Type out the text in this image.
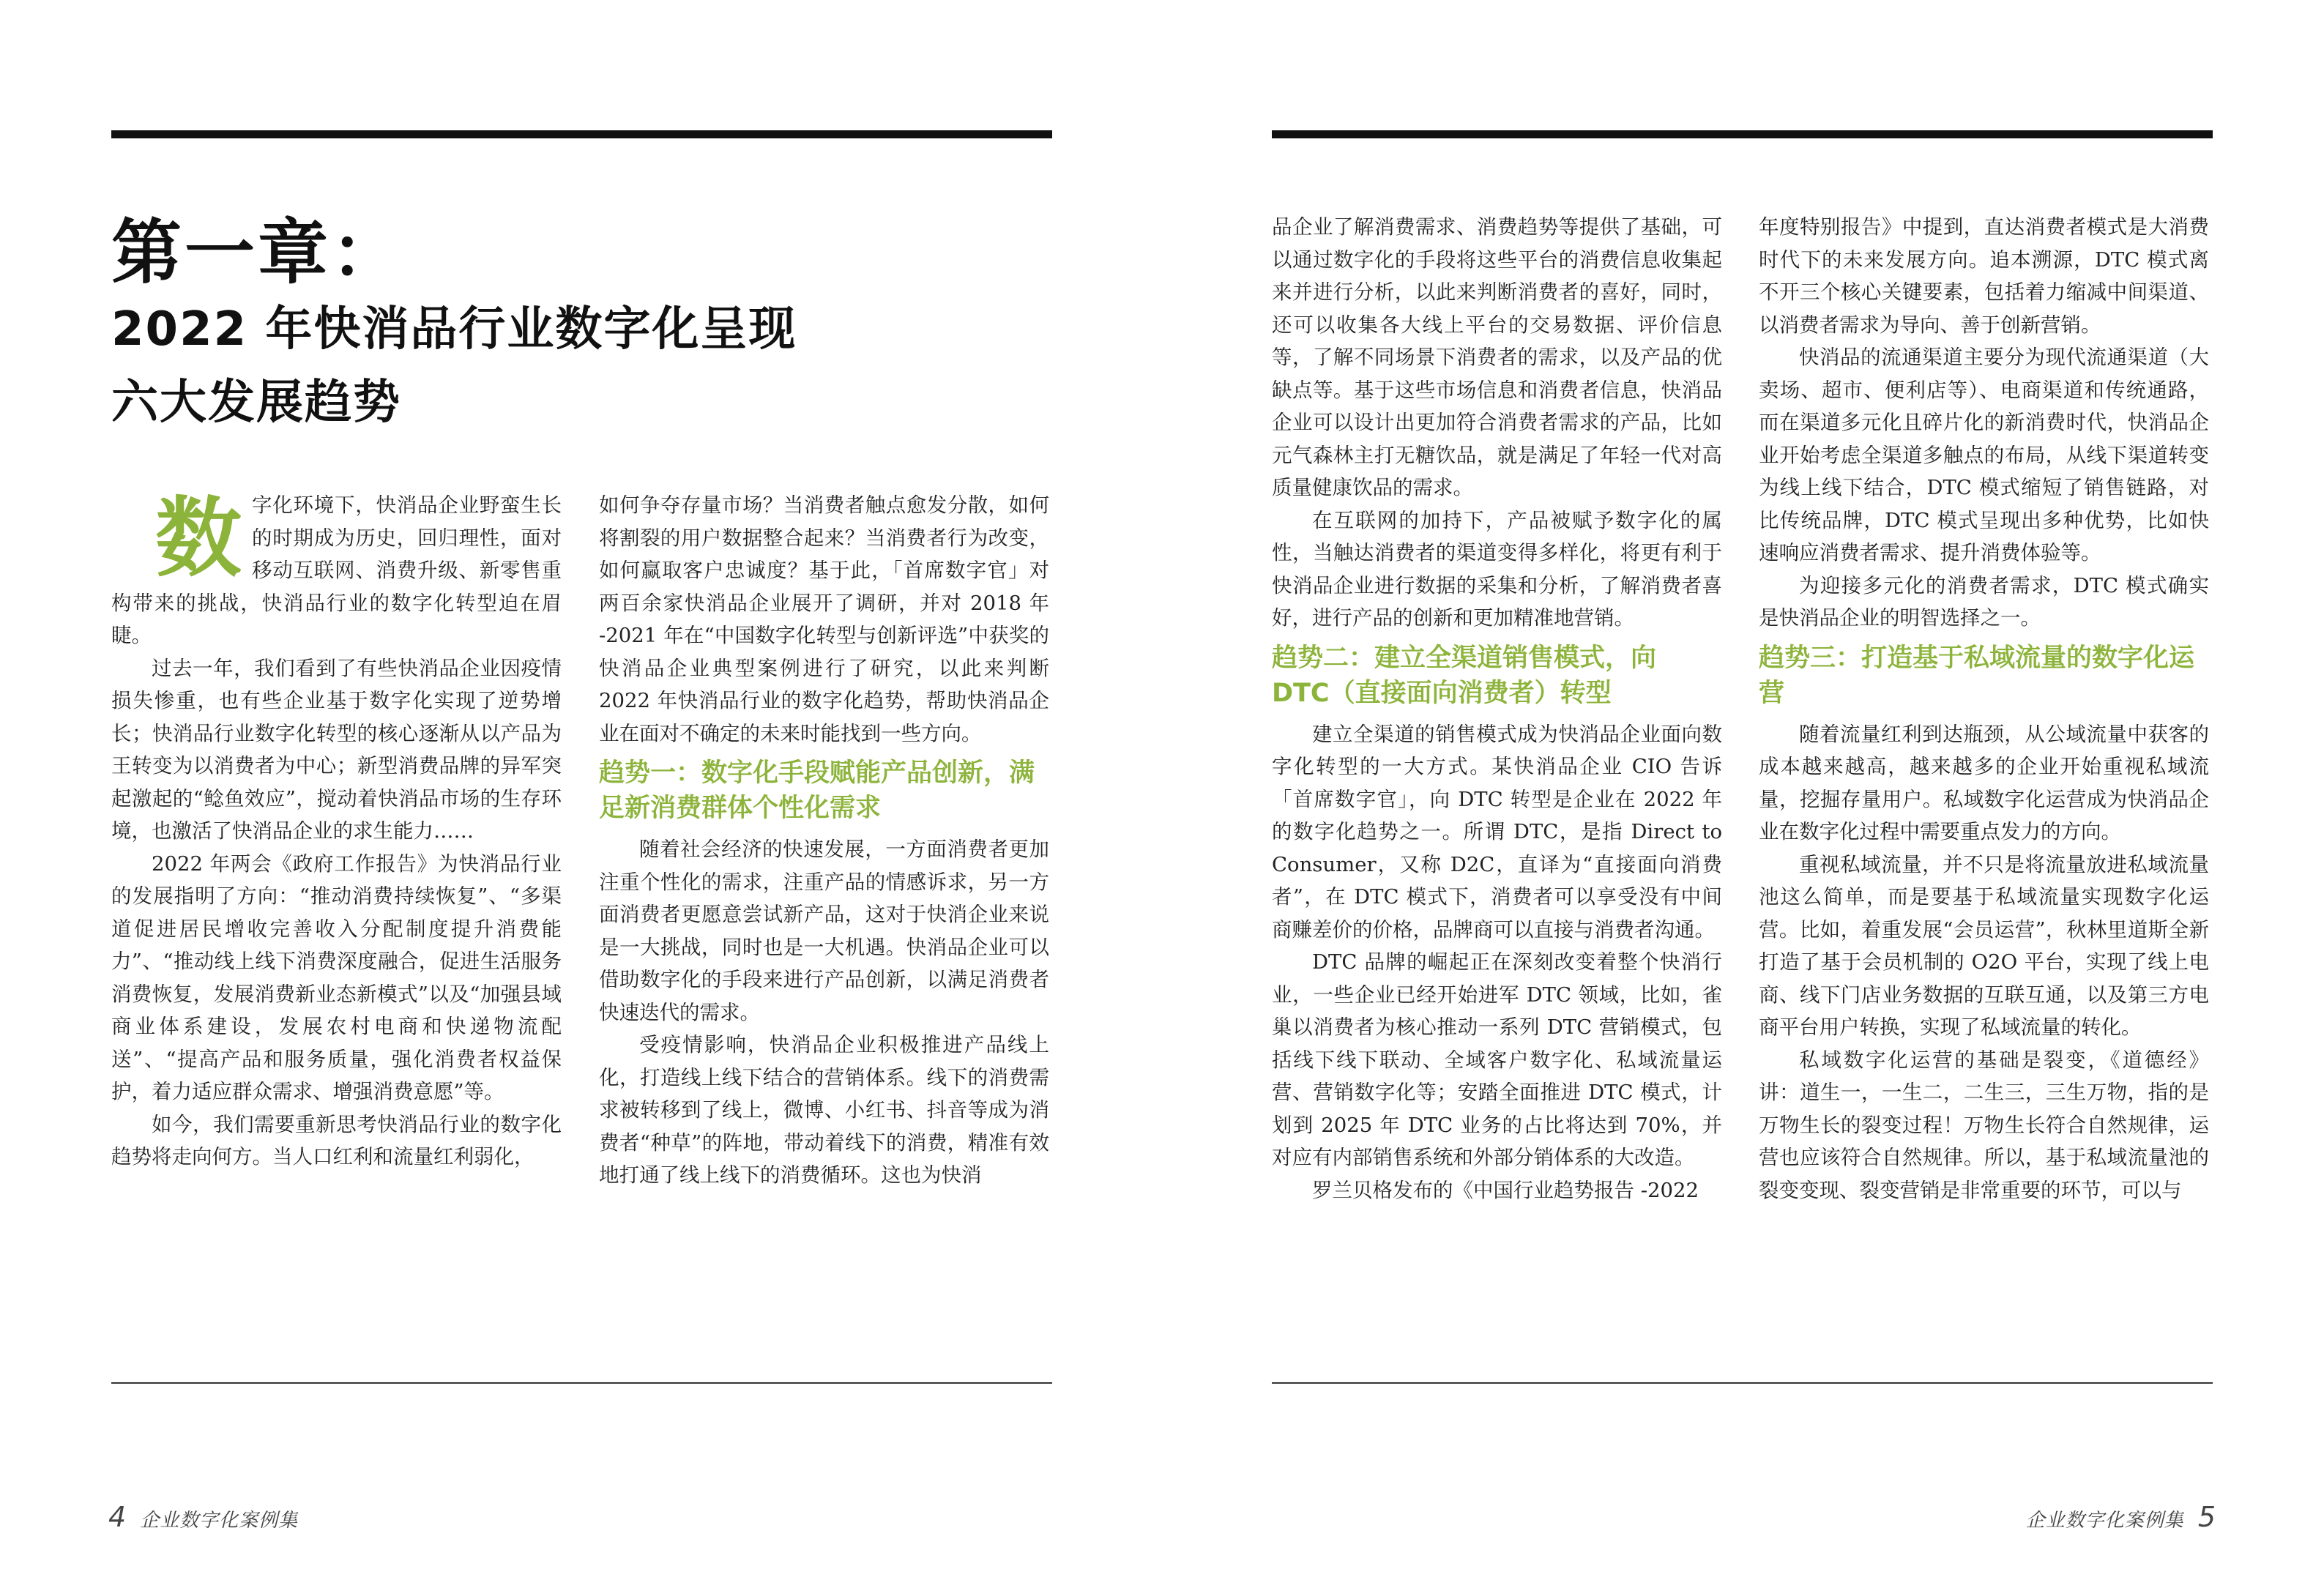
第一章：
2022 年快消品行业数字化呈现
六大发展趋势
数 字化环境下，快消品企业野蛮生长的时期成为历史，回归理性，面对移动互联网、消费升级、新零售重构带来的挑战，快消品行业的数字化转型迫在眉睫。

过去一年，我们看到了有些快消品企业因疫情损失惨重，也有些企业基于数字化实现了逆势增长；快消品行业数字化转型的核心逐渐从以产品为王转变为以消费者为中心；新型消费品牌的异军突起激起的“鲶鱼效应”，搅动着快消品市场的生存环境，也激活了快消品企业的求生能力……

2022 年两会《政府工作报告》为快消品行业的发展指明了方向：“推动消费持续恢复”、“多渠道促进居民增收完善收入分配制度提升消费能力”、“推动线上线下消费深度融合，促进生活服务消费恢复，发展消费新业态新模式”以及“加强县域商业体系建设，发展农村电商和快递物流配送”、“提高产品和服务质量，强化消费者权益保护，着力适应群众需求、增强消费意愿”等。

如今，我们需要重新思考快消品行业的数字化趋势将走向何方。当人口红利和流量红利弱化，

如何争夺存量市场？当消费者触点愈发分散，如何将割裂的用户数据整合起来？当消费者行为改变，如何赢取客户忠诚度？基于此，「首席数字官」对两百余家快消品企业展开了调研，并对 2018 年 -2021 年在“中国数字化转型与创新评选”中获奖的快消品企业典型案例进行了研究，以此来判断 2022 年快消品行业的数字化趋势，帮助快消品企业在面对不确定的未来时能找到一些方向。

趋势一：数字化手段赋能产品创新，满足新消费群体个性化需求

随着社会经济的快速发展，一方面消费者更加注重个性化的需求，注重产品的情感诉求，另一方面消费者更愿意尝试新产品，这对于快消企业来说是一大挑战，同时也是一大机遇。快消品企业可以借助数字化的手段来进行产品创新，以满足消费者快速迭代的需求。

受疫情影响，快消品企业积极推进产品线上化，打造线上线下结合的营销体系。线下的消费需求被转移到了线上，微博、小红书、抖音等成为消费者“种草”的阵地，带动着线下的消费，精准有效地打通了线上线下的消费循环。这也为快消

4 企业数字化案例集

品企业了解消费需求、消费趋势等提供了基础，可以通过数字化的手段将这些平台的消费信息收集起来并进行分析，以此来判断消费者的喜好，同时，还可以收集各大线上平台的交易数据、评价信息等，了解不同场景下消费者的需求，以及产品的优缺点等。基于这些市场信息和消费者信息，快消品企业可以设计出更加符合消费者需求的产品，比如元气森林主打无糖饮品，就是满足了年轻一代对高质量健康饮品的需求。

在互联网的加持下，产品被赋予数字化的属性，当触达消费者的渠道变得多样化，将更有利于快消品企业进行数据的采集和分析，了解消费者喜好，进行产品的创新和更加精准地营销。

趋势二：建立全渠道销售模式，向 DTC（直接面向消费者）转型

建立全渠道的销售模式成为快消品企业面向数字化转型的一大方式。某快消品企业 CIO 告诉「首席数字官」，向 DTC 转型是企业在 2022 年的数字化趋势之一。所谓 DTC，是指 Direct to Consumer，又称 D2C，直译为“直接面向消费者”，在 DTC 模式下，消费者可以享受没有中间商赚差价的价格，品牌商可以直接与消费者沟通。

DTC 品牌的崛起正在深刻改变着整个快消行业，一些企业已经开始进军 DTC 领域，比如，雀巢以消费者为核心推动一系列 DTC 营销模式，包括线下线下联动、全域客户数字化、私域流量运营、营销数字化等；安踏全面推进 DTC 模式，计划到 2025 年 DTC 业务的占比将达到 70%，并对应有内部销售系统和外部分销体系的大改造。

罗兰贝格发布的《中国行业趋势报告 -2022

年度特别报告》中提到，直达消费者模式是大消费时代下的未来发展方向。追本溯源，DTC 模式离不开三个核心关键要素，包括着力缩减中间渠道、以消费者需求为导向、善于创新营销。

快消品的流通渠道主要分为现代流通渠道（大卖场、超市、便利店等）、电商渠道和传统通路，而在渠道多元化且碎片化的新消费时代，快消品企业开始考虑全渠道多触点的布局，从线下渠道转变为线上线下结合，DTC 模式缩短了销售链路，对比传统品牌，DTC 模式呈现出多种优势，比如快速响应消费者需求、提升消费体验等。

为迎接多元化的消费者需求，DTC 模式确实是快消品企业的明智选择之一。

趋势三：打造基于私域流量的数字化运营

随着流量红利到达瓶颈，从公域流量中获客的成本越来越高，越来越多的企业开始重视私域流量，挖掘存量用户。私域数字化运营成为快消品企业在数字化过程中需要重点发力的方向。

重视私域流量，并不只是将流量放进私域流量池这么简单，而是要基于私域流量实现数字化运营。比如，着重发展“会员运营”，秋林里道斯全新打造了基于会员机制的 O2O 平台，实现了线上电商、线下门店业务数据的互联互通，以及第三方电商平台用户转换，实现了私域流量的转化。

私域数字化运营的基础是裂变，《道德经》讲：道生一，一生二，二生三，三生万物，指的是万物生长的裂变过程！万物生长符合自然规律，运营也应该符合自然规律。所以，基于私域流量池的裂变变现、裂变营销是非常重要的环节，可以与

企业数字化案例集 5
